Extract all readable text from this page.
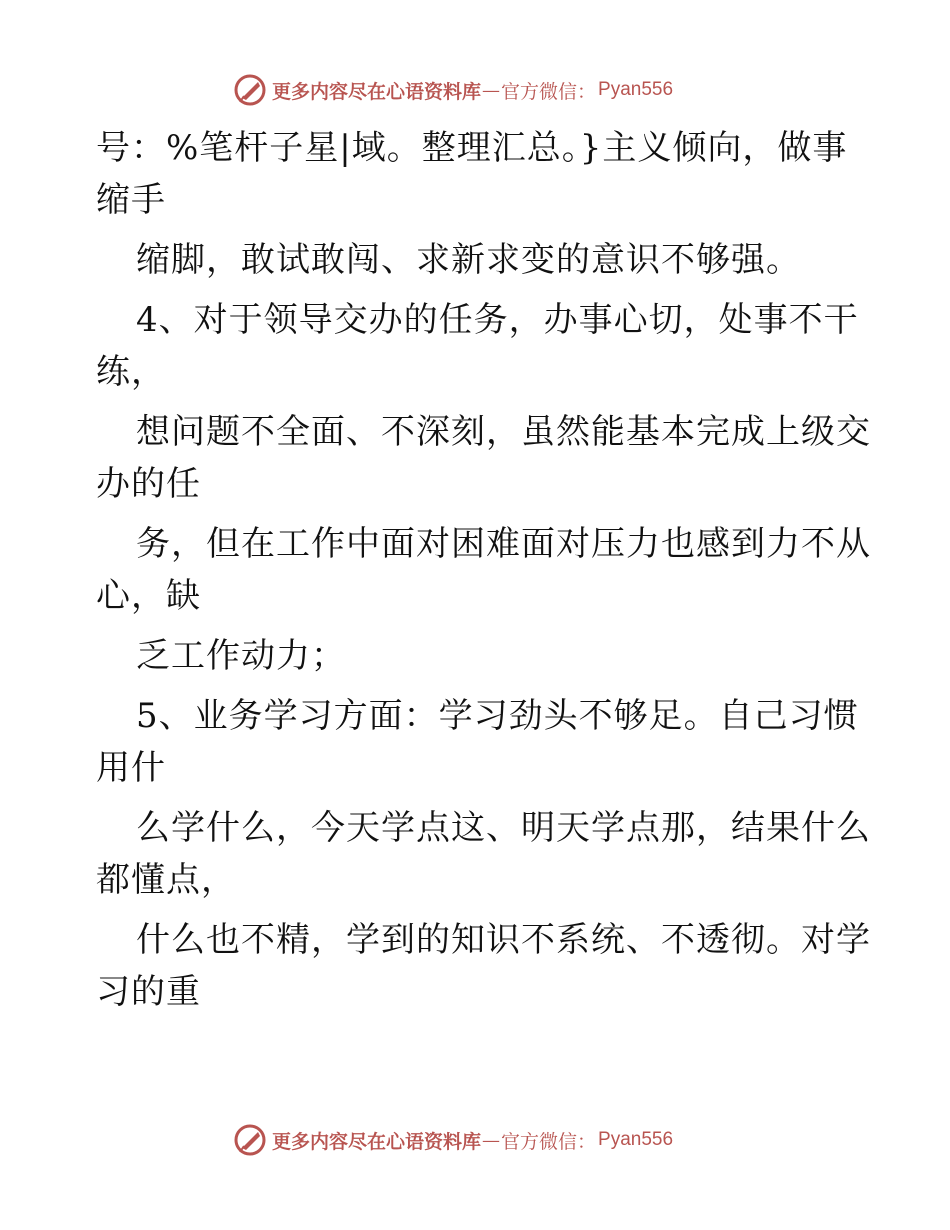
更多内容尽在心语资料库 — 官方微信： Pyan556
号：%笔杆子星|域。整理汇总。}主义倾向，做事
缩手
缩脚，敢试敢闯、求新求变的意识不够强。
4、对于领导交办的任务，办事心切，处事不干
练，
想问题不全面、不深刻，虽然能基本完成上级交
办的任
务，但在工作中面对困难面对压力也感到力不从
心，缺
乏工作动力；
5、业务学习方面：学习劲头不够足。自己习惯
用什
么学什么，今天学点这、明天学点那，结果什么
都懂点，
什么也不精，学到的知识不系统、不透彻。对学
习的重
更多内容尽在心语资料库 — 官方微信： Pyan556
